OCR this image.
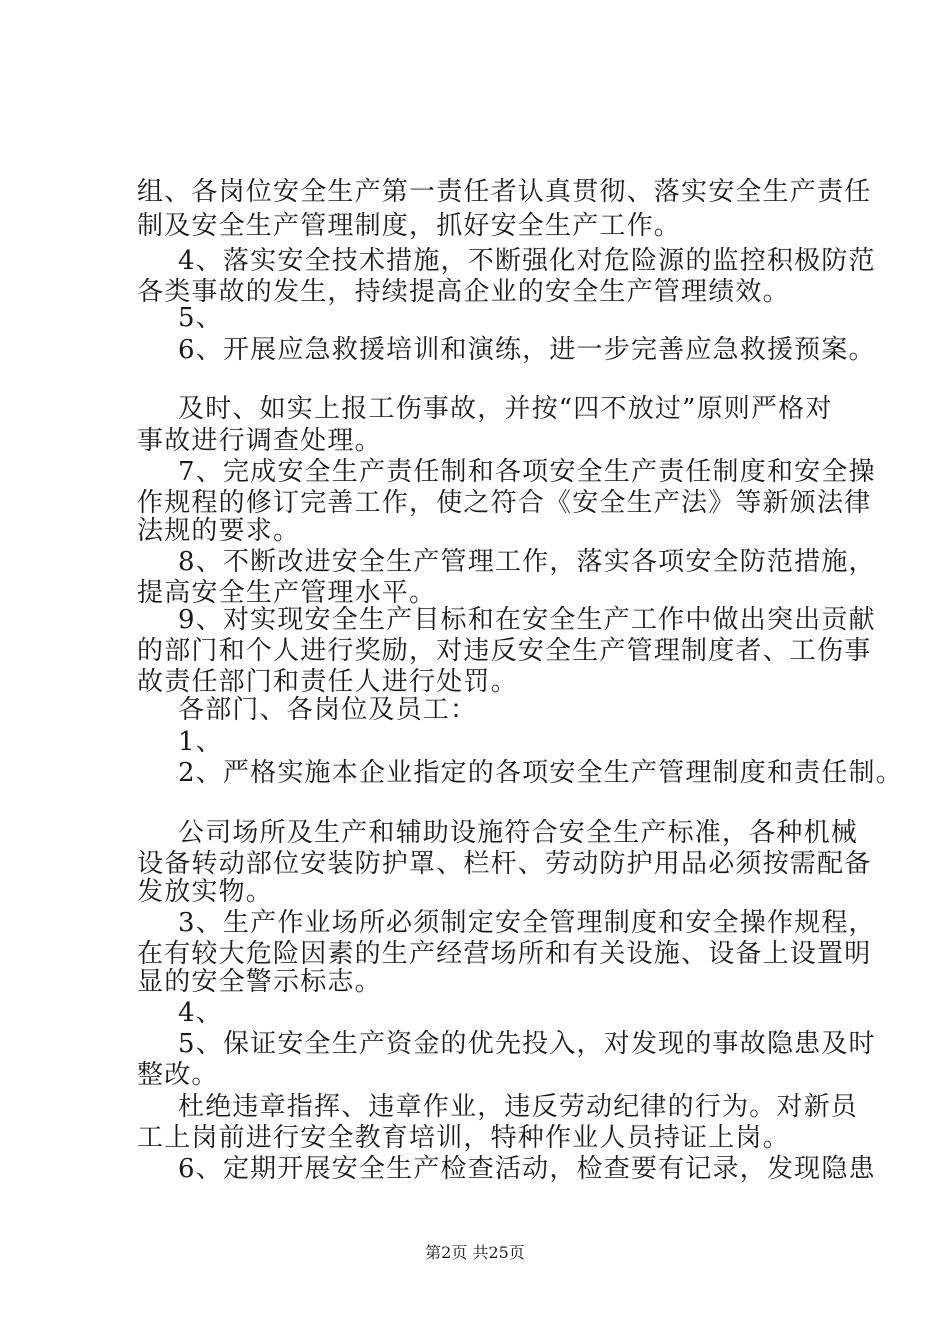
组、各岗位安全生产第一责任者认真贯彻、落实安全生产责任
制及安全生产管理制度，抓好安全生产工作。
4、落实安全技术措施，不断强化对危险源的监控积极防范
各类事故的发生，持续提高企业的安全生产管理绩效。
5、
6、开展应急救援培训和演练，进一步完善应急救援预案。
及时、如实上报工伤事故，并按“四不放过”原则严格对
事故进行调查处理。
7、完成安全生产责任制和各项安全生产责任制度和安全操
作规程的修订完善工作，使之符合《安全生产法》等新颁法律
法规的要求。
8、不断改进安全生产管理工作，落实各项安全防范措施，
提高安全生产管理水平。
9、对实现安全生产目标和在安全生产工作中做出突出贡献
的部门和个人进行奖励，对违反安全生产管理制度者、工伤事
故责任部门和责任人进行处罚。
各部门、各岗位及员工：
1、
2、严格实施本企业指定的各项安全生产管理制度和责任制。
公司场所及生产和辅助设施符合安全生产标准，各种机械
设备转动部位安装防护罩、栏杆、劳动防护用品必须按需配备
发放实物。
3、生产作业场所必须制定安全管理制度和安全操作规程，
在有较大危险因素的生产经营场所和有关设施、设备上设置明
显的安全警示标志。
4、
5、保证安全生产资金的优先投入，对发现的事故隐患及时
整改。
杜绝违章指挥、违章作业，违反劳动纪律的行为。对新员
工上岗前进行安全教育培训，特种作业人员持证上岗。
6、定期开展安全生产检查活动，检查要有记录，发现隐患
第2页 共25页
